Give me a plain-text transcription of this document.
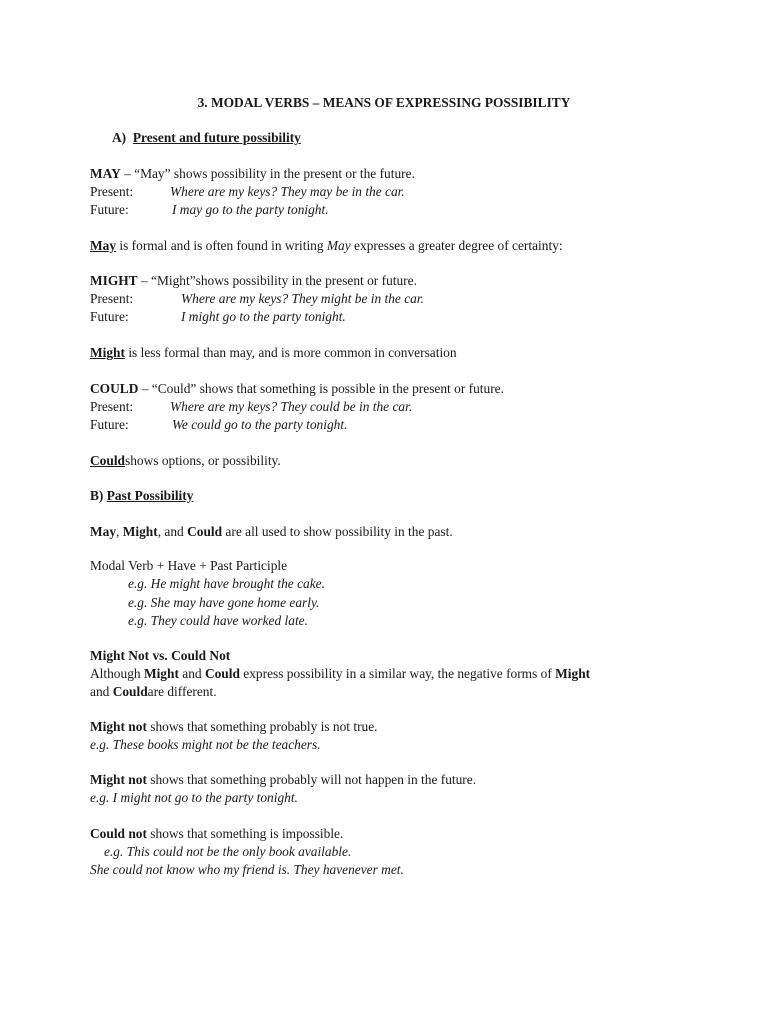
3. MODAL VERBS – MEANS OF EXPRESSING POSSIBILITY
A) Present and future possibility
MAY – “May” shows possibility in the present or the future.
Present:	Where are my keys? They may be in the car.
Future:	I may go to the party tonight.
May is formal and is often found in writing May expresses a greater degree of certainty:
MIGHT – “Might”shows possibility in the present or future.
Present:	Where are my keys? They might be in the car.
Future:	I might go to the party tonight.
Might is less formal than may, and is more common in conversation
COULD – “Could” shows that something is possible in the present or future.
Present:	Where are my keys? They could be in the car.
Future:	We could go to the party tonight.
Couldshows options, or possibility.
B) Past Possibility
May, Might, and Could are all used to show possibility in the past.
Modal Verb + Have + Past Participle
e.g. He might have brought the cake.
e.g. She may have gone home early.
e.g. They could have worked late.
Might Not vs. Could Not
Although Might and Could express possibility in a similar way, the negative forms of Might
and Couldare different.
Might not shows that something probably is not true.
e.g. These books might not be the teachers.
Might not shows that something probably will not happen in the future.
e.g. I might not go to the party tonight.
Could not shows that something is impossible.
e.g. This could not be the only book available.
She could not know who my friend is. They havenever met.
